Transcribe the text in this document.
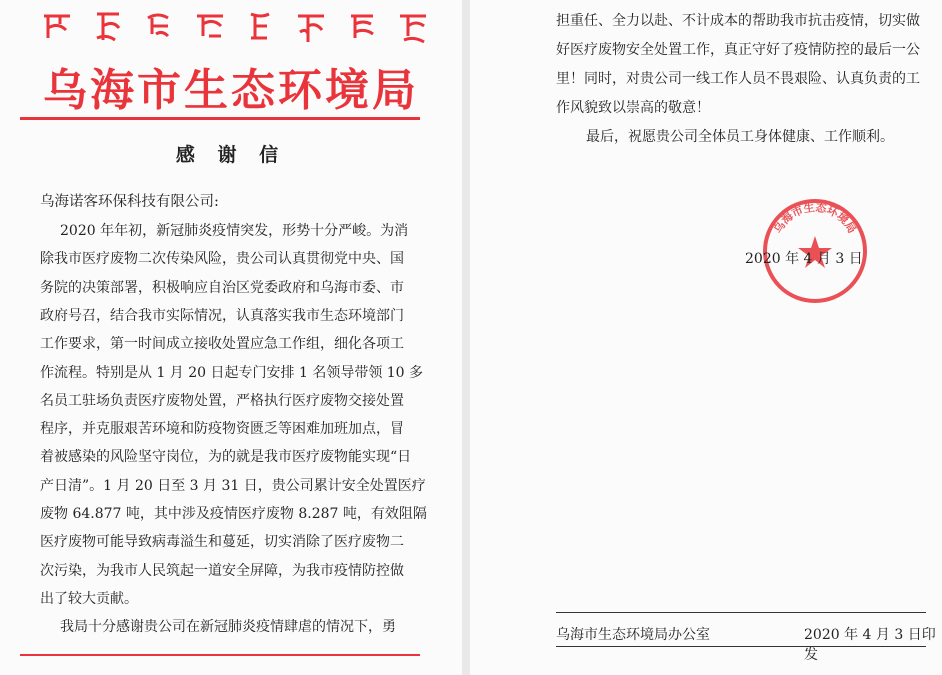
乌海市生态环境局
感 谢 信
乌海诺客环保科技有限公司:
2020 年年初，新冠肺炎疫情突发，形势十分严峻。为消
除我市医疗废物二次传染风险，贵公司认真贯彻党中央、国
务院的决策部署，积极响应自治区党委政府和乌海市委、市
政府号召，结合我市实际情况，认真落实我市生态环境部门
工作要求，第一时间成立接收处置应急工作组，细化各项工
作流程。特别是从 1 月 20 日起专门安排 1 名领导带领 10 多
名员工驻场负责医疗废物处置，严格执行医疗废物交接处置
程序，并克服艰苦环境和防疫物资匮乏等困难加班加点，冒
着被感染的风险坚守岗位，为的就是我市医疗废物能实现“日
产日清”。1 月 20 日至 3 月 31 日，贵公司累计安全处置医疗
废物 64.877 吨，其中涉及疫情医疗废物 8.287 吨，有效阻隔
医疗废物可能导致病毒溢生和蔓延，切实消除了医疗废物二
次污染，为我市人民筑起一道安全屏障，为我市疫情防控做
出了较大贡献。
我局十分感谢贵公司在新冠肺炎疫情肆虐的情况下，勇
担重任、全力以赴、不计成本的帮助我市抗击疫情，切实做
好医疗废物安全处置工作，真正守好了疫情防控的最后一公
里！同时，对贵公司一线工作人员不畏艰险、认真负责的工
作风貌致以崇高的敬意！
最后，祝愿贵公司全体员工身体健康、工作顺利。
乌海市生态环境局
2020 年 4 月 3 日
乌海市生态环境局办公室	2020 年 4 月 3 日印发
